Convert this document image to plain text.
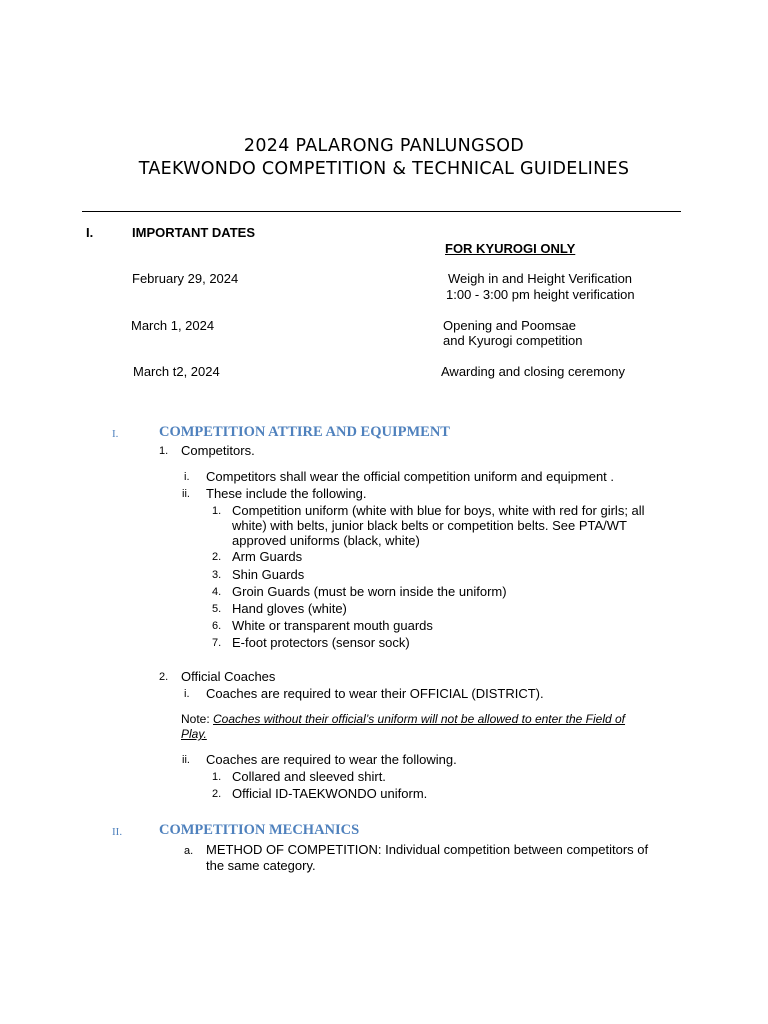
2024 PALARONG PANLUNGSOD
TAEKWONDO COMPETITION & TECHNICAL GUIDELINES
I.	IMPORTANT DATES
FOR KYUROGI ONLY
February 29, 2024	Weigh in and Height Verification
1:00 - 3:00 pm height verification
March 1, 2024	Opening and Poomsae
and Kyurogi competition
March t2, 2024	Awarding and closing ceremony
I.	COMPETITION ATTIRE AND EQUIPMENT
1. Competitors.
i. Competitors shall wear the official competition uniform and equipment .
ii. These include the following.
1. Competition uniform (white with blue for boys, white with red for girls; all
white) with belts, junior black belts or competition belts. See PTA/WT
approved uniforms (black, white)
2. Arm Guards
3. Shin Guards
4. Groin Guards (must be worn inside the uniform)
5. Hand gloves (white)
6. White or transparent mouth guards
7. E-foot protectors (sensor sock)
2. Official Coaches
i. Coaches are required to wear their OFFICIAL (DISTRICT).
Note: Coaches without their official’s uniform will not be allowed to enter the Field of
Play.
ii. Coaches are required to wear the following.
1. Collared and sleeved shirt.
2. Official ID-TAEKWONDO uniform.
II.	COMPETITION MECHANICS
a. METHOD OF COMPETITION: Individual competition between competitors of
the same category.
